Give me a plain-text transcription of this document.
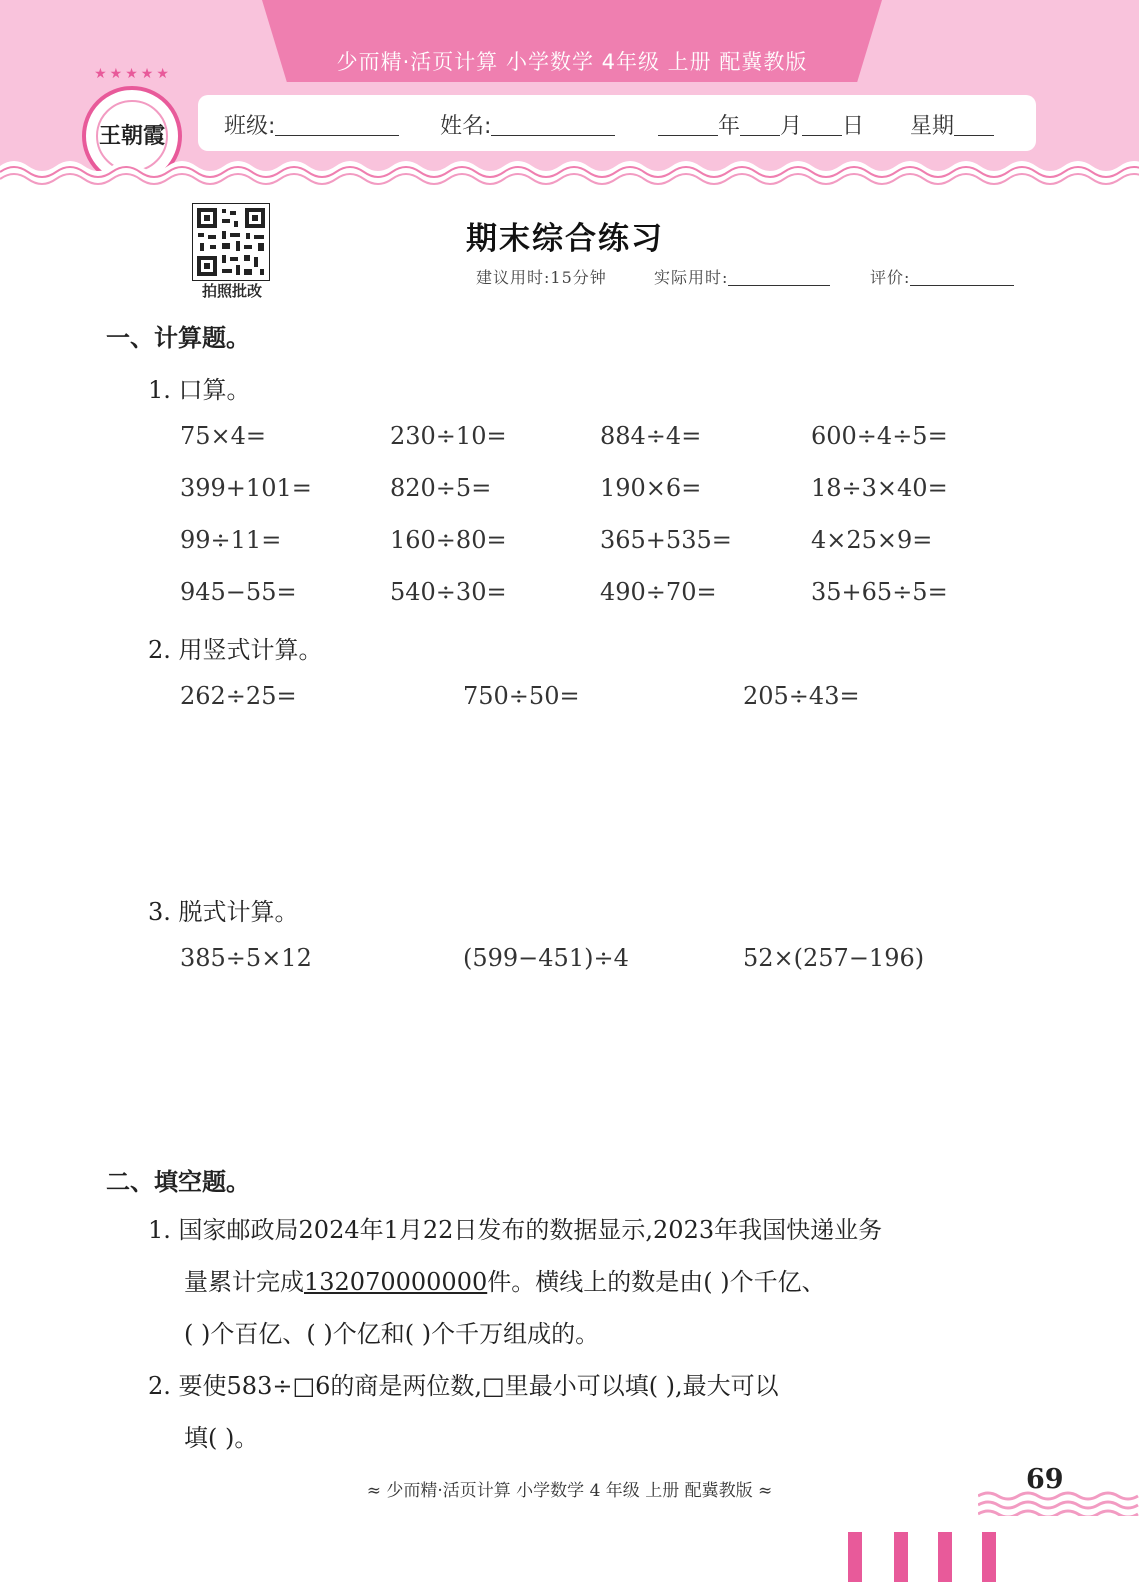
少而精·活页计算 小学数学 4年级 上册 配冀教版
★★★★★
王朝霞	班级:	姓名:	年 月 日 星期
拍照批改
期末综合练习
建议用时:15分钟	实际用时:	评价:
一、计算题。
1. 口算。
75×4=	230÷10=	884÷4=	600÷4÷5=
399+101=	820÷5=	190×6=	18÷3×40=
99÷11=	160÷80=	365+535=	4×25×9=
945−55=	540÷30=	490÷70=	35+65÷5=
2. 用竖式计算。
262÷25=	750÷50=	205÷43=
3. 脱式计算。
385÷5×12	(599−451)÷4	52×(257−196)
二、填空题。
1. 国家邮政局2024年1月22日发布的数据显示,2023年我国快递业务
量累计完成132070000000件。横线上的数是由( )个千亿、
( )个百亿、( )个亿和( )个千万组成的。
2. 要使583÷□6的商是两位数,□里最小可以填( ),最大可以
填( )。
≈ 少而精·活页计算 小学数学 4 年级 上册 配冀教版 ≈	69
